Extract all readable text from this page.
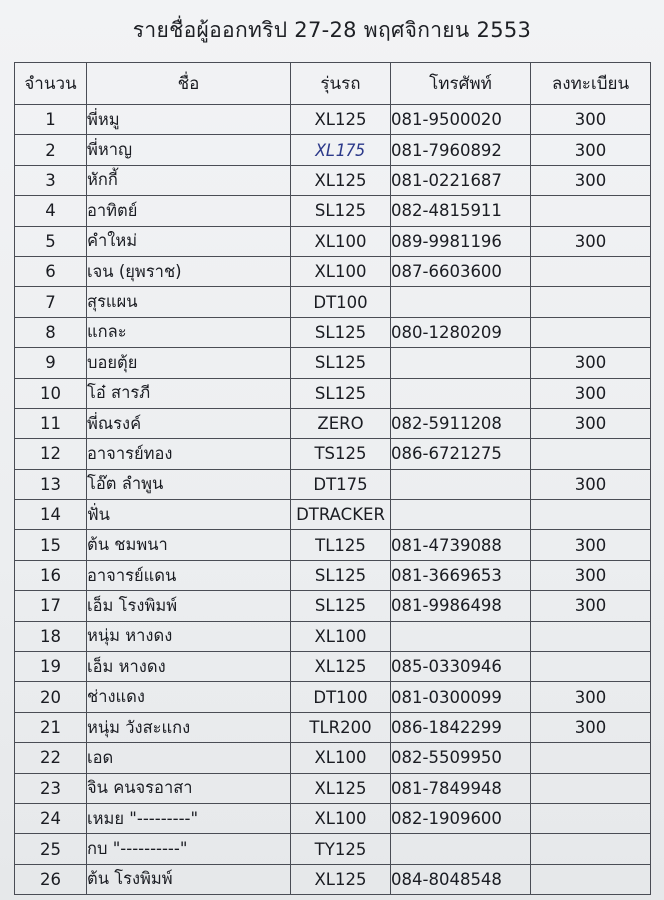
รายชื่อผู้ออกทริป 27-28 พฤศจิกายน 2553
จำนวน	ชื่อ	รุ่นรถ	โทรศัพท์	ลงทะเบียน
1	พี่หมู	XL125	081-9500020	300
2	พี่หาญ	XL175	081-7960892	300
3	หักกี้	XL125	081-0221687	300
4	อาทิตย์	SL125	082-4815911	
5	คำใหม่	XL100	089-9981196	300
6	เจน (ยุพราช)	XL100	087-6603600	
7	สุรแผน	DT100		
8	แกละ	SL125	080-1280209	
9	บอยตุ้ย	SL125		300
10	โอ๋ สารภี	SL125		300
11	พี่ณรงค์	ZERO	082-5911208	300
12	อาจารย์ทอง	TS125	086-6721275	
13	โอ๊ต ลำพูน	DT175		300
14	ฟั่น	DTRACKER		
15	ต้น ชมพนา	TL125	081-4739088	300
16	อาจารย์แดน	SL125	081-3669653	300
17	เอ็ม โรงพิมพ์	SL125	081-9986498	300
18	หนุ่ม หางดง	XL100		
19	เอ็ม หางดง	XL125	085-0330946	
20	ช่างแดง	DT100	081-0300099	300
21	หนุ่ม วังสะแกง	TLR200	086-1842299	300
22	เอด	XL100	082-5509950	
23	จิน คนจรอาสา	XL125	081-7849948	
24	เหมย "---------"	XL100	082-1909600	
25	กบ "----------"	TY125		
26	ต้น โรงพิมพ์	XL125	084-8048548	
